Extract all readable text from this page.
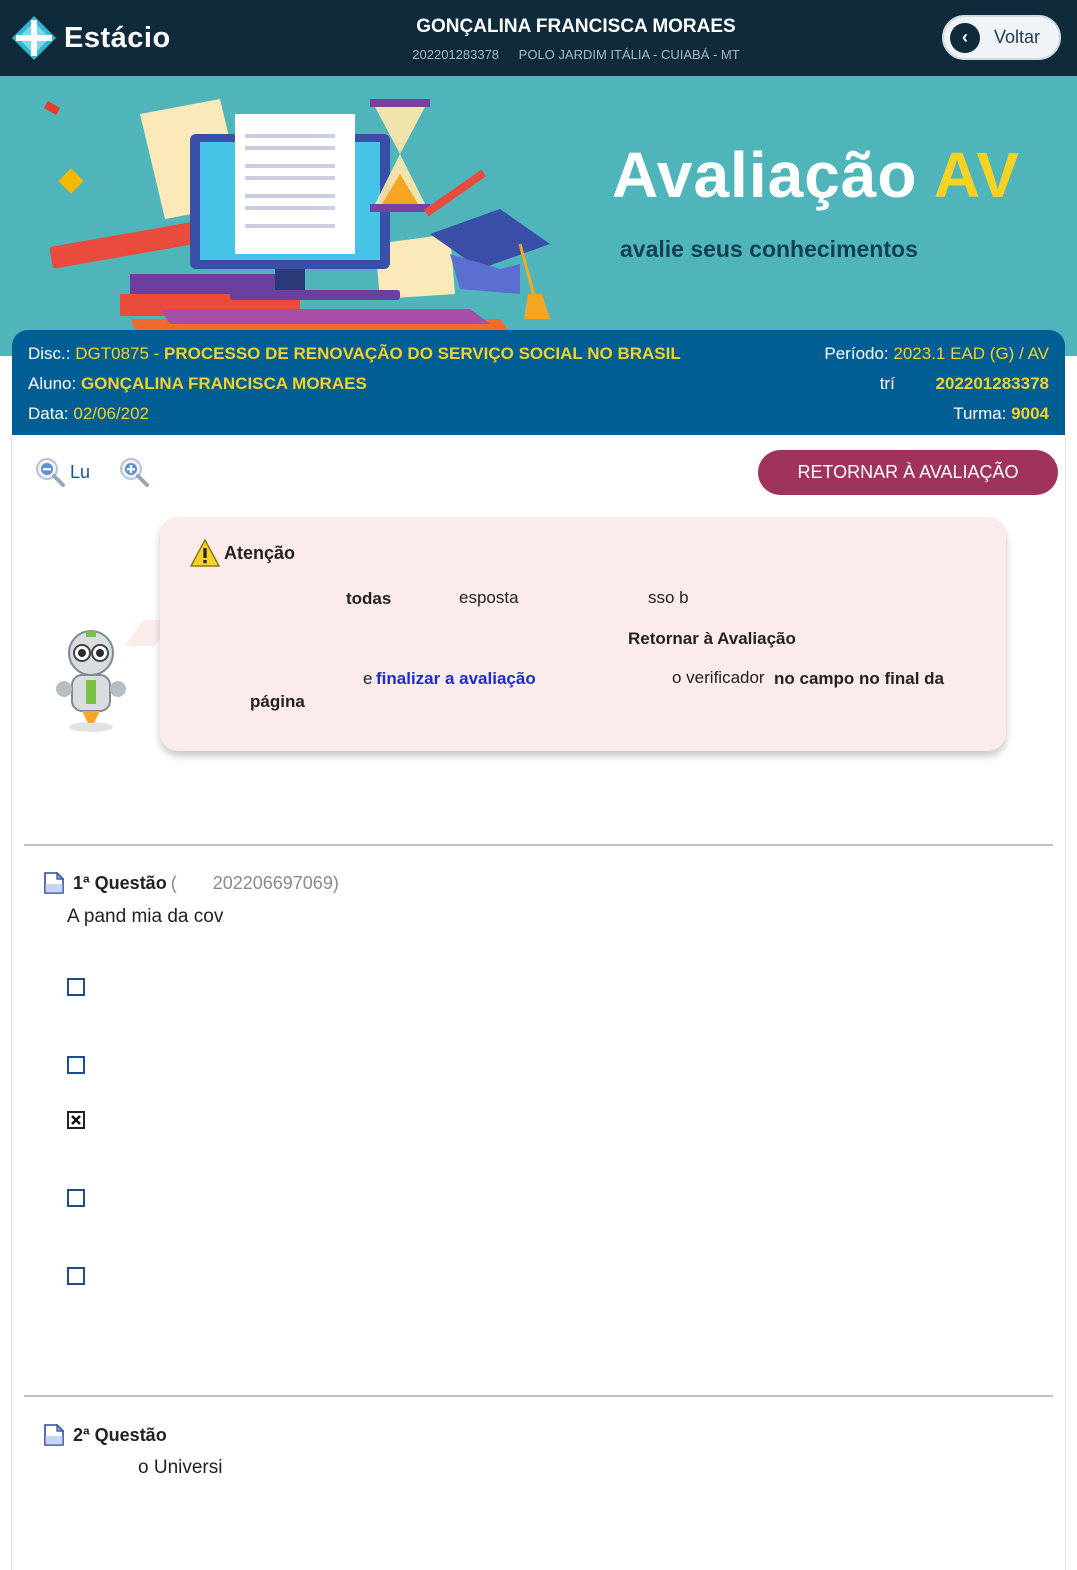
Estácio	GONÇALINA FRANCISCA MORAES
202201283378 POLO JARDIM ITÁLIA - CUIABÁ - MT
‹	Voltar
Avaliação AV
avalie seus conhecimentos
Disc.: DGT0875 - PROCESSO DE RENOVAÇÃO DO SERVIÇO SOCIAL NO BRASIL	Período: 2023.1 EAD (G) / AV
Aluno: GONÇALINA FRANCISCA MORAES	trí 202201283378
Data: 02/06/202	Turma: 9004
Lu	RETORNAR À AVALIAÇÃO
Atenção
todas	esposta	sso b
Retornar à Avaliação
e finalizar a avaliação	o verificador no campo no final da
página
1ª Questão ( 202206697069)
A pand mia da cov
2ª Questão
o Universi
